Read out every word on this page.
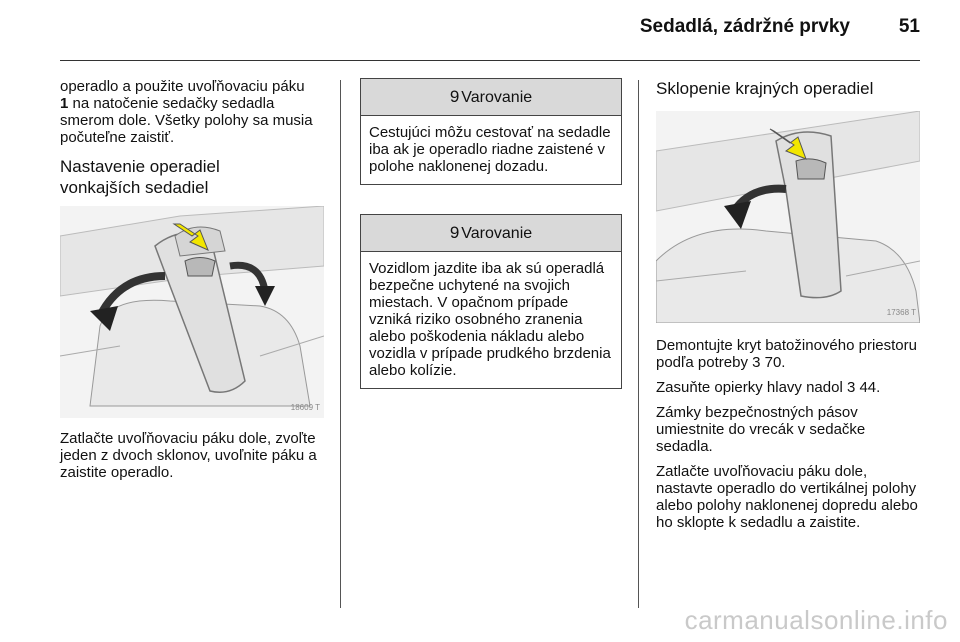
Sedadlá, zádržné prvky	51

operadlo a použite uvoľňovaciu páku
1 na natočenie sedačky sedadla smerom dole. Všetky polohy sa musia počuteľne zaistiť.

Nastavenie operadiel
vonkajších sedadiel
18609 T

Zatlačte uvoľňovaciu páku dole, zvoľte jeden z dvoch sklonov, uvoľnite páku a zaistite operadlo.

9 Varovanie
Cestujúci môžu cestovať na sedadle iba ak je operadlo riadne zaistené v polohe naklonenej dozadu.
9 Varovanie
Vozidlom jazdite iba ak sú operadlá bezpečne uchytené na svojich miestach. V opačnom prípade vzniká riziko osobného zranenia alebo poškodenia nákladu alebo vozidla v prípade prudkého brzdenia alebo kolízie.
Sklopenie krajných operadiel
17368 T

Demontujte kryt batožinového priestoru podľa potreby 3 70.

Zasuňte opierky hlavy nadol 3 44.

Zámky bezpečnostných pásov umiestnite do vrecák v sedačke sedadla.

Zatlačte uvoľňovaciu páku dole, nastavte operadlo do vertikálnej polohy alebo polohy naklonenej dopredu alebo ho sklopte k sedadlu a zaistite.

carmanualsonline.info
